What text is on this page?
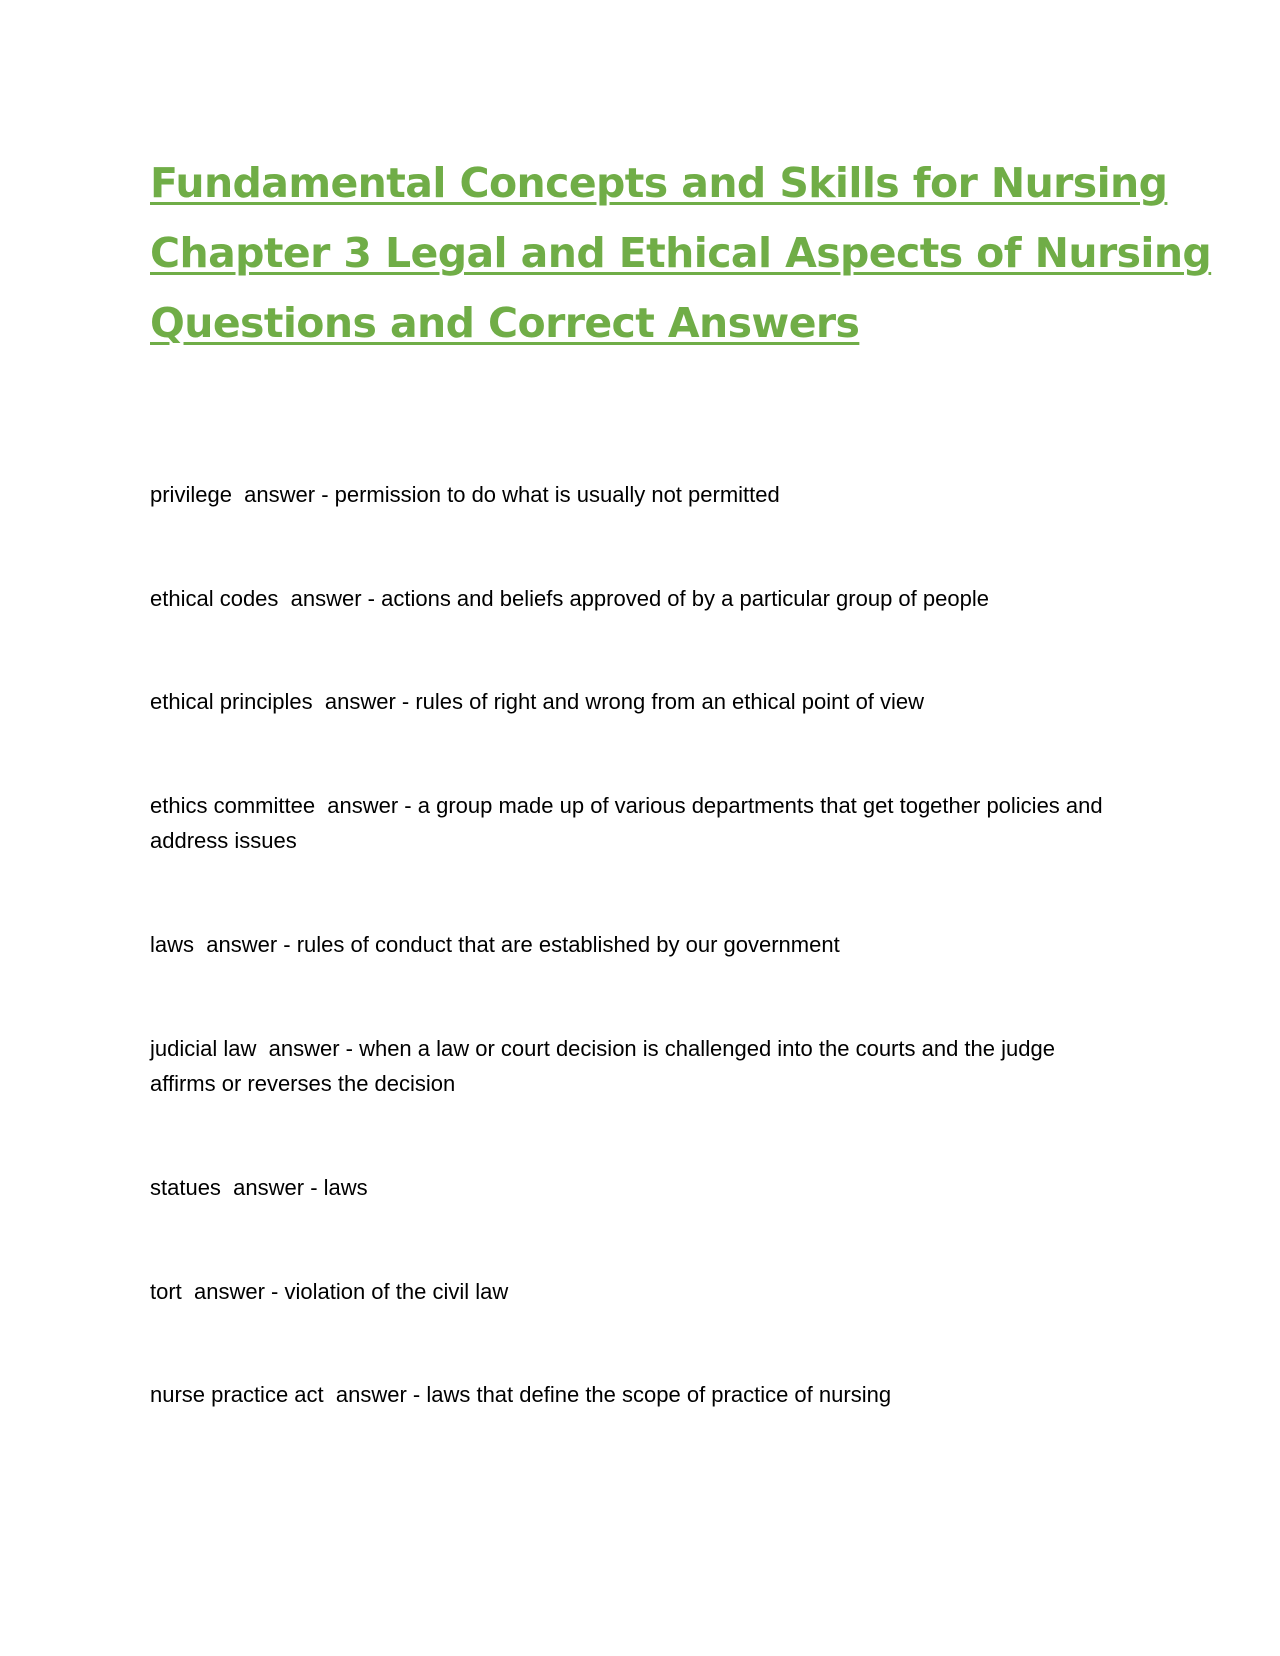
Fundamental Concepts and Skills for Nursing
Chapter 3 Legal and Ethical Aspects of Nursing
Questions and Correct Answers

privilege  answer - permission to do what is usually not permitted

ethical codes  answer - actions and beliefs approved of by a particular group of people

ethical principles  answer - rules of right and wrong from an ethical point of view

ethics committee  answer - a group made up of various departments that get together policies and address issues

laws  answer - rules of conduct that are established by our government

judicial law  answer - when a law or court decision is challenged into the courts and the judge affirms or reverses the decision

statues  answer - laws

tort  answer - violation of the civil law

nurse practice act  answer - laws that define the scope of practice of nursing
